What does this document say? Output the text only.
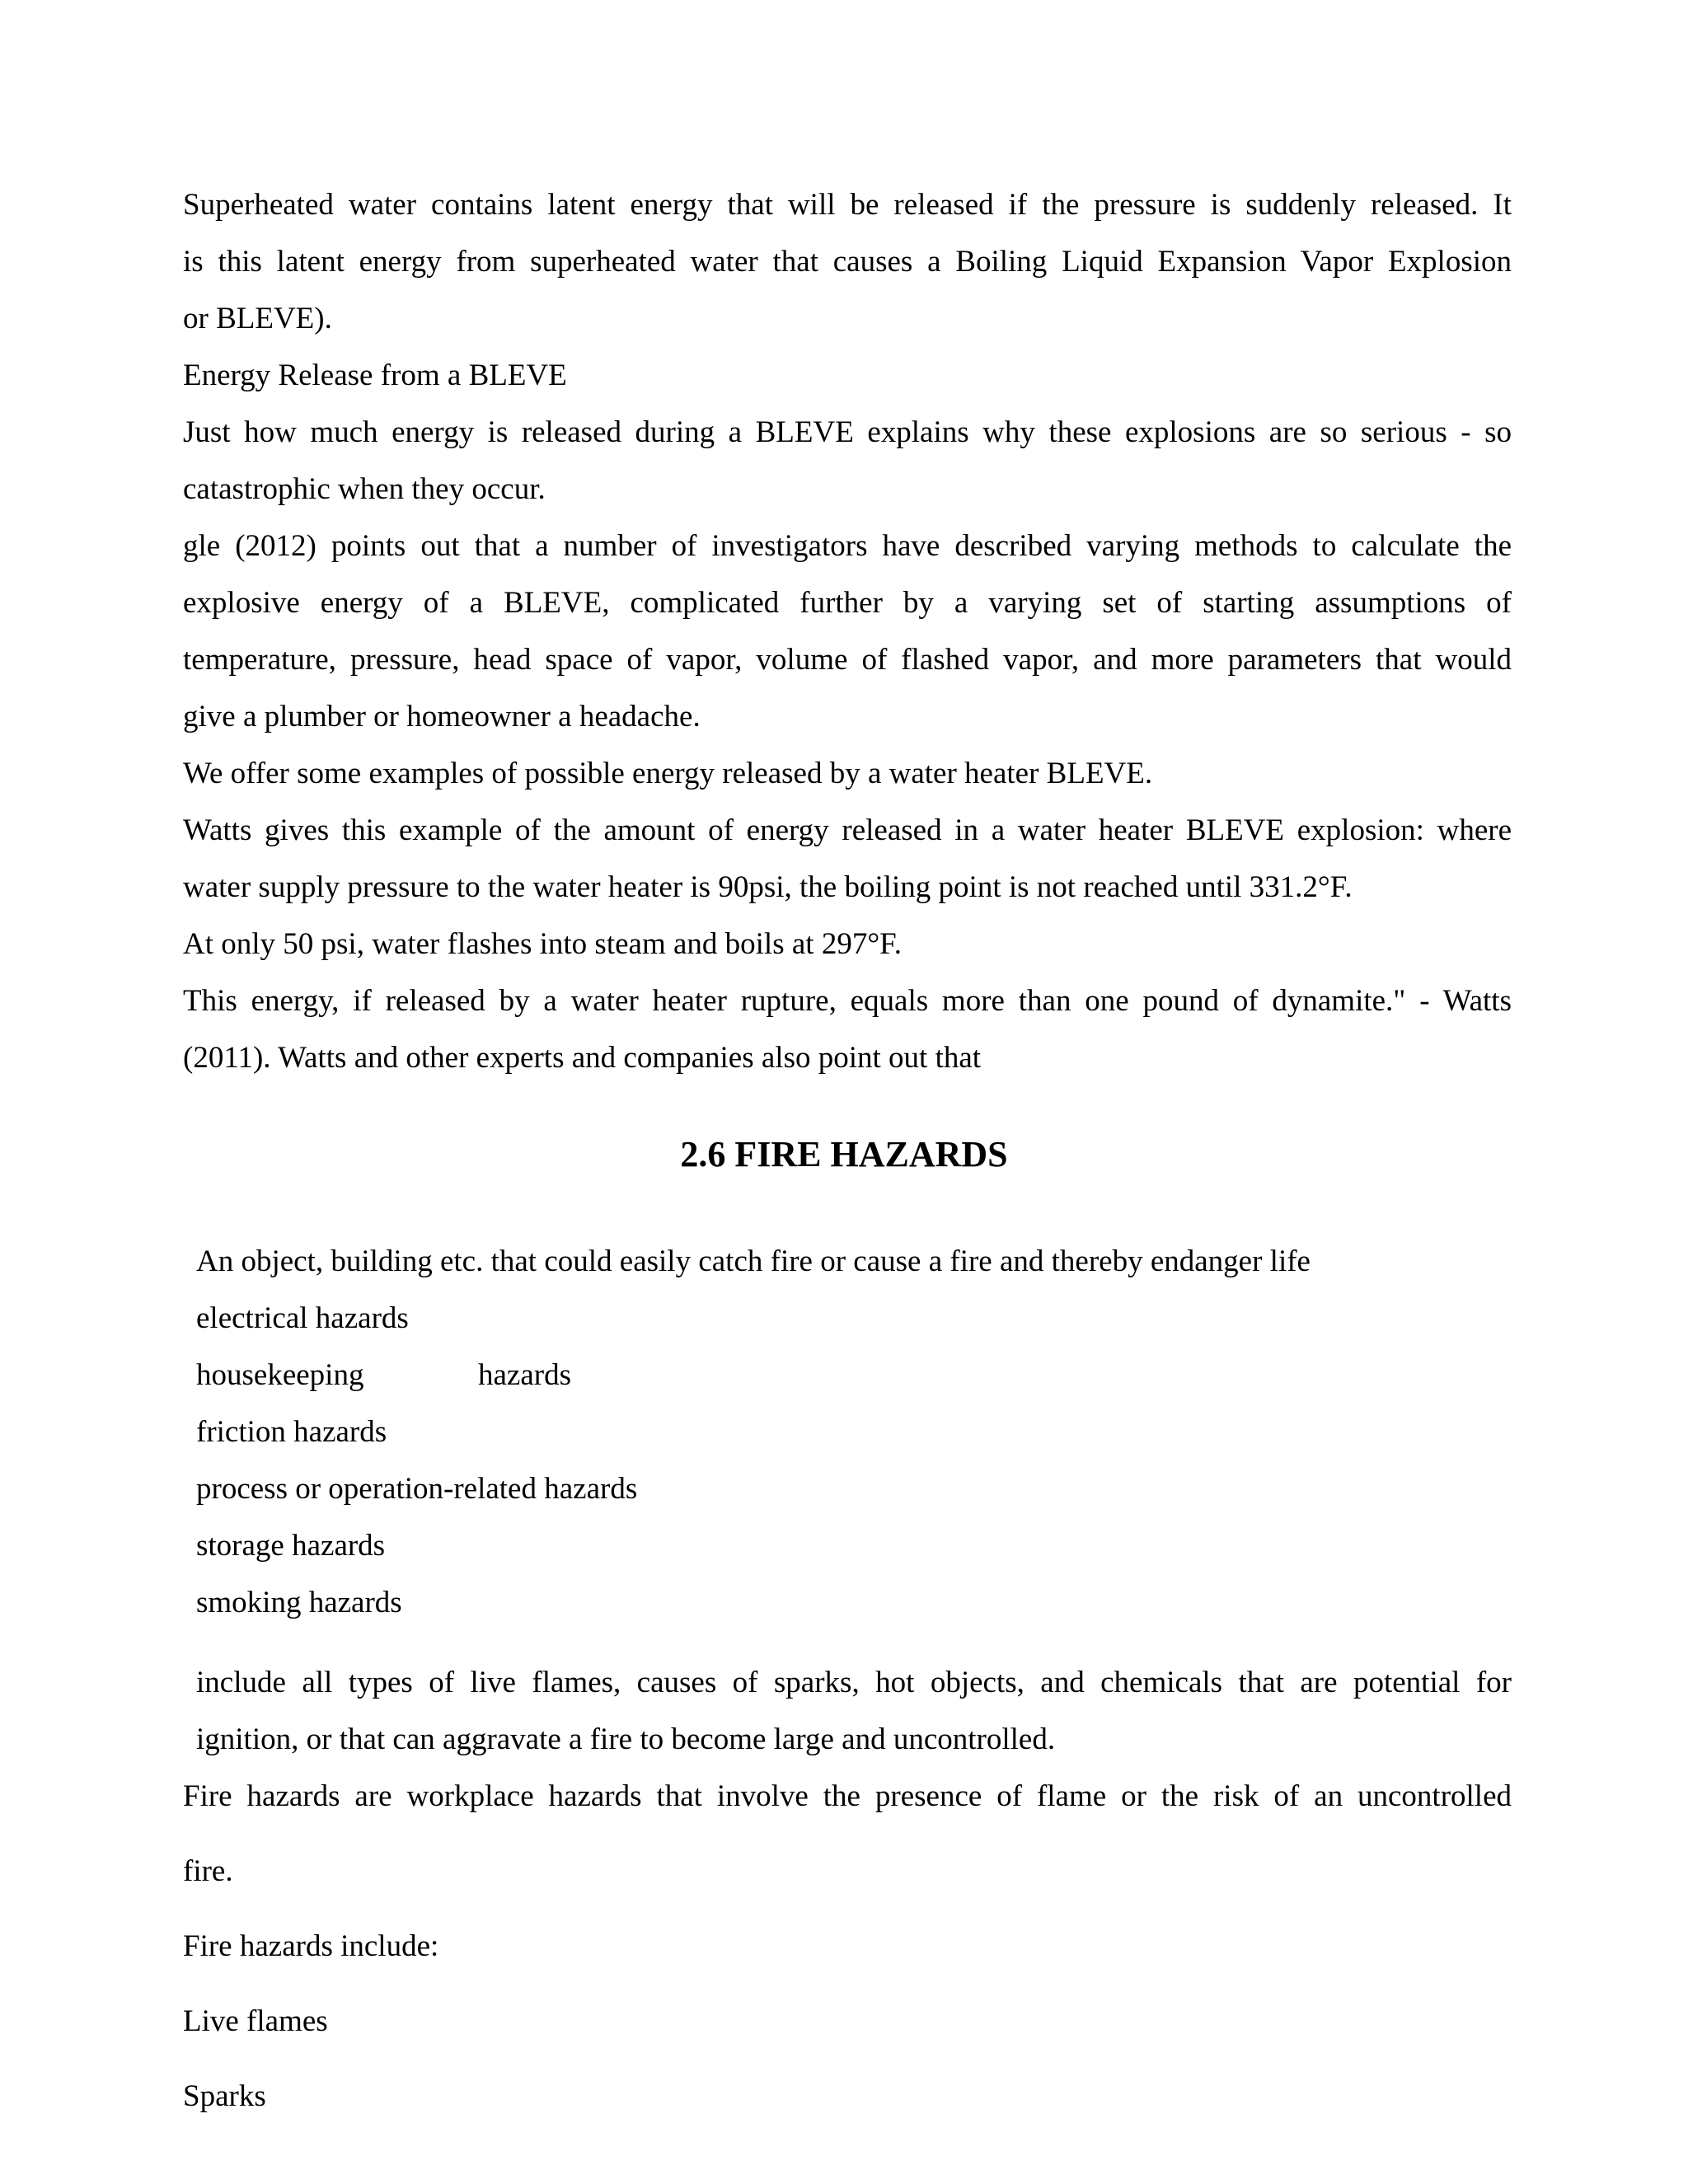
Superheated water contains latent energy that will be released if the pressure is suddenly released. It
is this latent energy from superheated water that causes a Boiling Liquid Expansion Vapor Explosion
or BLEVE).
Energy Release from a BLEVE
Just how much energy is released during a BLEVE explains why these explosions are so serious - so
catastrophic when they occur.
gle (2012) points out that a number of investigators have described varying methods to calculate the
explosive energy of a BLEVE, complicated further by a varying set of starting assumptions of
temperature, pressure, head space of vapor, volume of flashed vapor, and more parameters that would
give a plumber or homeowner a headache.
We offer some examples of possible energy released by a water heater BLEVE.
Watts gives this example of the amount of energy released in a water heater BLEVE explosion: where
water supply pressure to the water heater is 90psi, the boiling point is not reached until 331.2°F.
At only 50 psi, water flashes into steam and boils at 297°F.
This energy, if released by a water heater rupture, equals more than one pound of dynamite." - Watts
(2011). Watts and other experts and companies also point out that
2.6 FIRE HAZARDS
An object, building etc. that could easily catch fire or cause a fire and thereby endanger life
electrical hazards
housekeeping	hazards
friction hazards
process or operation-related hazards
storage hazards
smoking hazards
include all types of live flames, causes of sparks, hot objects, and chemicals that are potential for
ignition, or that can aggravate a fire to become large and uncontrolled.
Fire hazards are workplace hazards that involve the presence of flame or the risk of an uncontrolled
fire.
Fire hazards include:
Live flames
Sparks
